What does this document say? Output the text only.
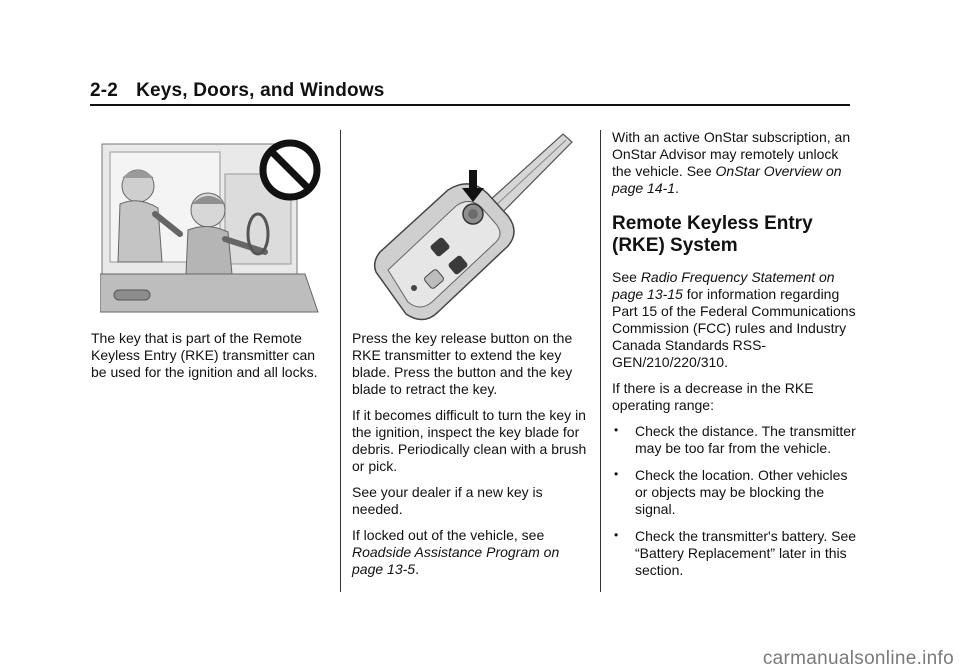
2-2 Keys, Doors, and Windows

The key that is part of the Remote Keyless Entry (RKE) transmitter can be used for the ignition and all locks.

Press the key release button on the RKE transmitter to extend the key blade. Press the button and the key blade to retract the key.

If it becomes difficult to turn the key in the ignition, inspect the key blade for debris. Periodically clean with a brush or pick.

See your dealer if a new key is needed.

If locked out of the vehicle, see Roadside Assistance Program on page 13-5.

With an active OnStar subscription, an OnStar Advisor may remotely unlock the vehicle. See OnStar Overview on page 14-1.

Remote Keyless Entry (RKE) System

See Radio Frequency Statement on page 13-15 for information regarding Part 15 of the Federal Communications Commission (FCC) rules and Industry Canada Standards RSS-GEN/210/220/310.

If there is a decrease in the RKE operating range:

• Check the distance. The transmitter may be too far from the vehicle.
• Check the location. Other vehicles or objects may be blocking the signal.
• Check the transmitter's battery. See “Battery Replacement” later in this section.
carmanualsonline.info
